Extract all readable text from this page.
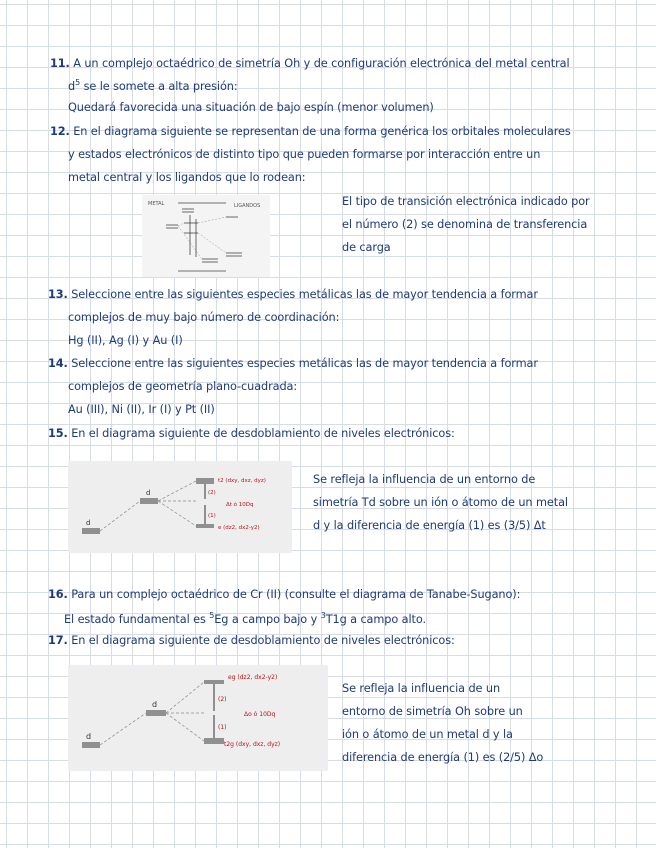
11. A un complejo octaédrico de simetría Oh y de configuración electrónica del metal central
$d^5$ se le somete a alta presión:
Quedará favorecida una situación de bajo espín (menor volumen)
12. En el diagrama siguiente se representan de una forma genérica los orbitales moleculares
y estados electrónicos de distinto tipo que pueden formarse por interacción entre un
metal central y los ligandos que lo rodean:
METAL	LIGANDOS	El tipo de transición electrónica indicado por
el número (2) se denomina de transferencia
de carga
13. Seleccione entre las siguientes especies metálicas las de mayor tendencia a formar
complejos de muy bajo número de coordinación:
Hg (II), Ag (I) y Au (I)
14. Seleccione entre las siguientes especies metálicas las de mayor tendencia a formar
complejos de geometría plano-cuadrada:
Au (III), Ni (II), Ir (I) y Pt (II)
15. En el diagrama siguiente de desdoblamiento de niveles electrónicos:
d
d
t2 (dxy, dxz, dyz)
e (dz2, dx2-y2)
Δt ó 10Dq
(2)
(1)
Se refleja la influencia de un entorno de
simetría Td sobre un ión o átomo de un metal
d y la diferencia de energía (1) es (3/5) Δt
16. Para un complejo octaédrico de Cr (II) (consulte el diagrama de Tanabe-Sugano):
El estado fundamental es $^5$Eg a campo bajo y $^3$T1g a campo alto.
17. En el diagrama siguiente de desdoblamiento de niveles electrónicos:
d
d
eg (dz2, dx2-y2)
t2g (dxy, dxz, dyz)
Δo ó 10Dq
(2)
(1)
Se refleja la influencia de un
entorno de simetría Oh sobre un
ión o átomo de un metal d y la
diferencia de energía (1) es (2/5) Δo
